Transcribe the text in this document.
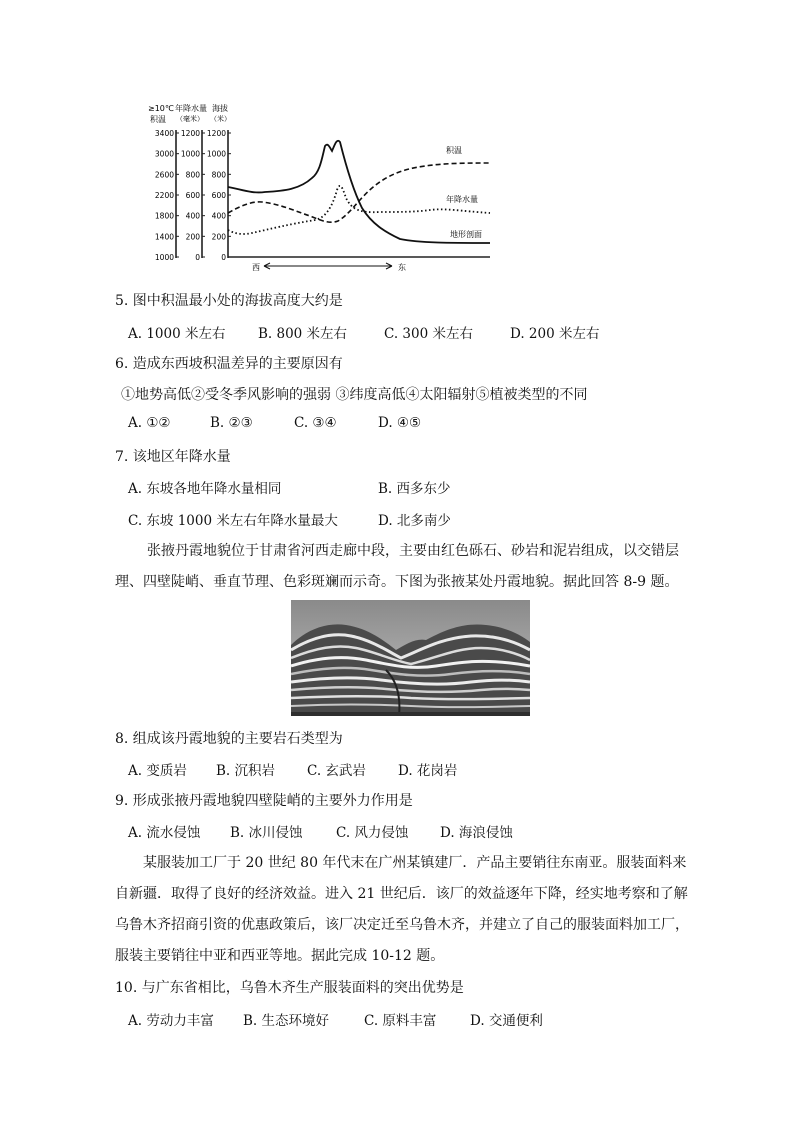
≥10℃
积温
年降水量
（毫米）
海拔
（米）
3400
3000
2600
2200
1800
1400
1000
1200
1000
800
600
400
200
0
1200
1000
800
600
400
200
0
积温
年降水量
地形剖面
西	东
5. 图中积温最小处的海拔高度大约是
A. 1000 米左右 B. 800 米左右	C. 300 米左右	D. 200 米左右
6. 造成东西坡积温差异的主要原因有
①地势高低②受冬季风影响的强弱 ③纬度高低④太阳辐射⑤植被类型的不同
A. ①②	B. ②③	C. ③④	D. ④⑤
7. 该地区年降水量
A. 东坡各地年降水量相同	B. 西多东少
C. 东坡 1000 米左右年降水量最大	D. 北多南少
张掖丹霞地貌位于甘肃省河西走廊中段，主要由红色砾石、砂岩和泥岩组成，以交错层
理、四壁陡峭、垂直节理、色彩斑斓而示奇。下图为张掖某处丹霞地貌。据此回答 8-9 题。
8. 组成该丹霞地貌的主要岩石类型为
A. 变质岩 B. 沉积岩 C. 玄武岩 D. 花岗岩
9. 形成张掖丹霞地貌四壁陡峭的主要外力作用是
A. 流水侵蚀 B. 冰川侵蚀 C. 风力侵蚀 D. 海浪侵蚀
某服装加工厂于 20 世纪 80 年代末在广州某镇建厂．产品主要销往东南亚。服装面料来
自新疆．取得了良好的经济效益。进入 21 世纪后．该厂的效益逐年下降，经实地考察和了解
乌鲁木齐招商引资的优惠政策后，该厂决定迁至乌鲁木齐，并建立了自己的服装面料加工厂，
服装主要销往中亚和西亚等地。据此完成 10-12 题。
10. 与广东省相比，乌鲁木齐生产服装面料的突出优势是
A. 劳动力丰富 B. 生态环境好	C. 原料丰富 D. 交通便利
